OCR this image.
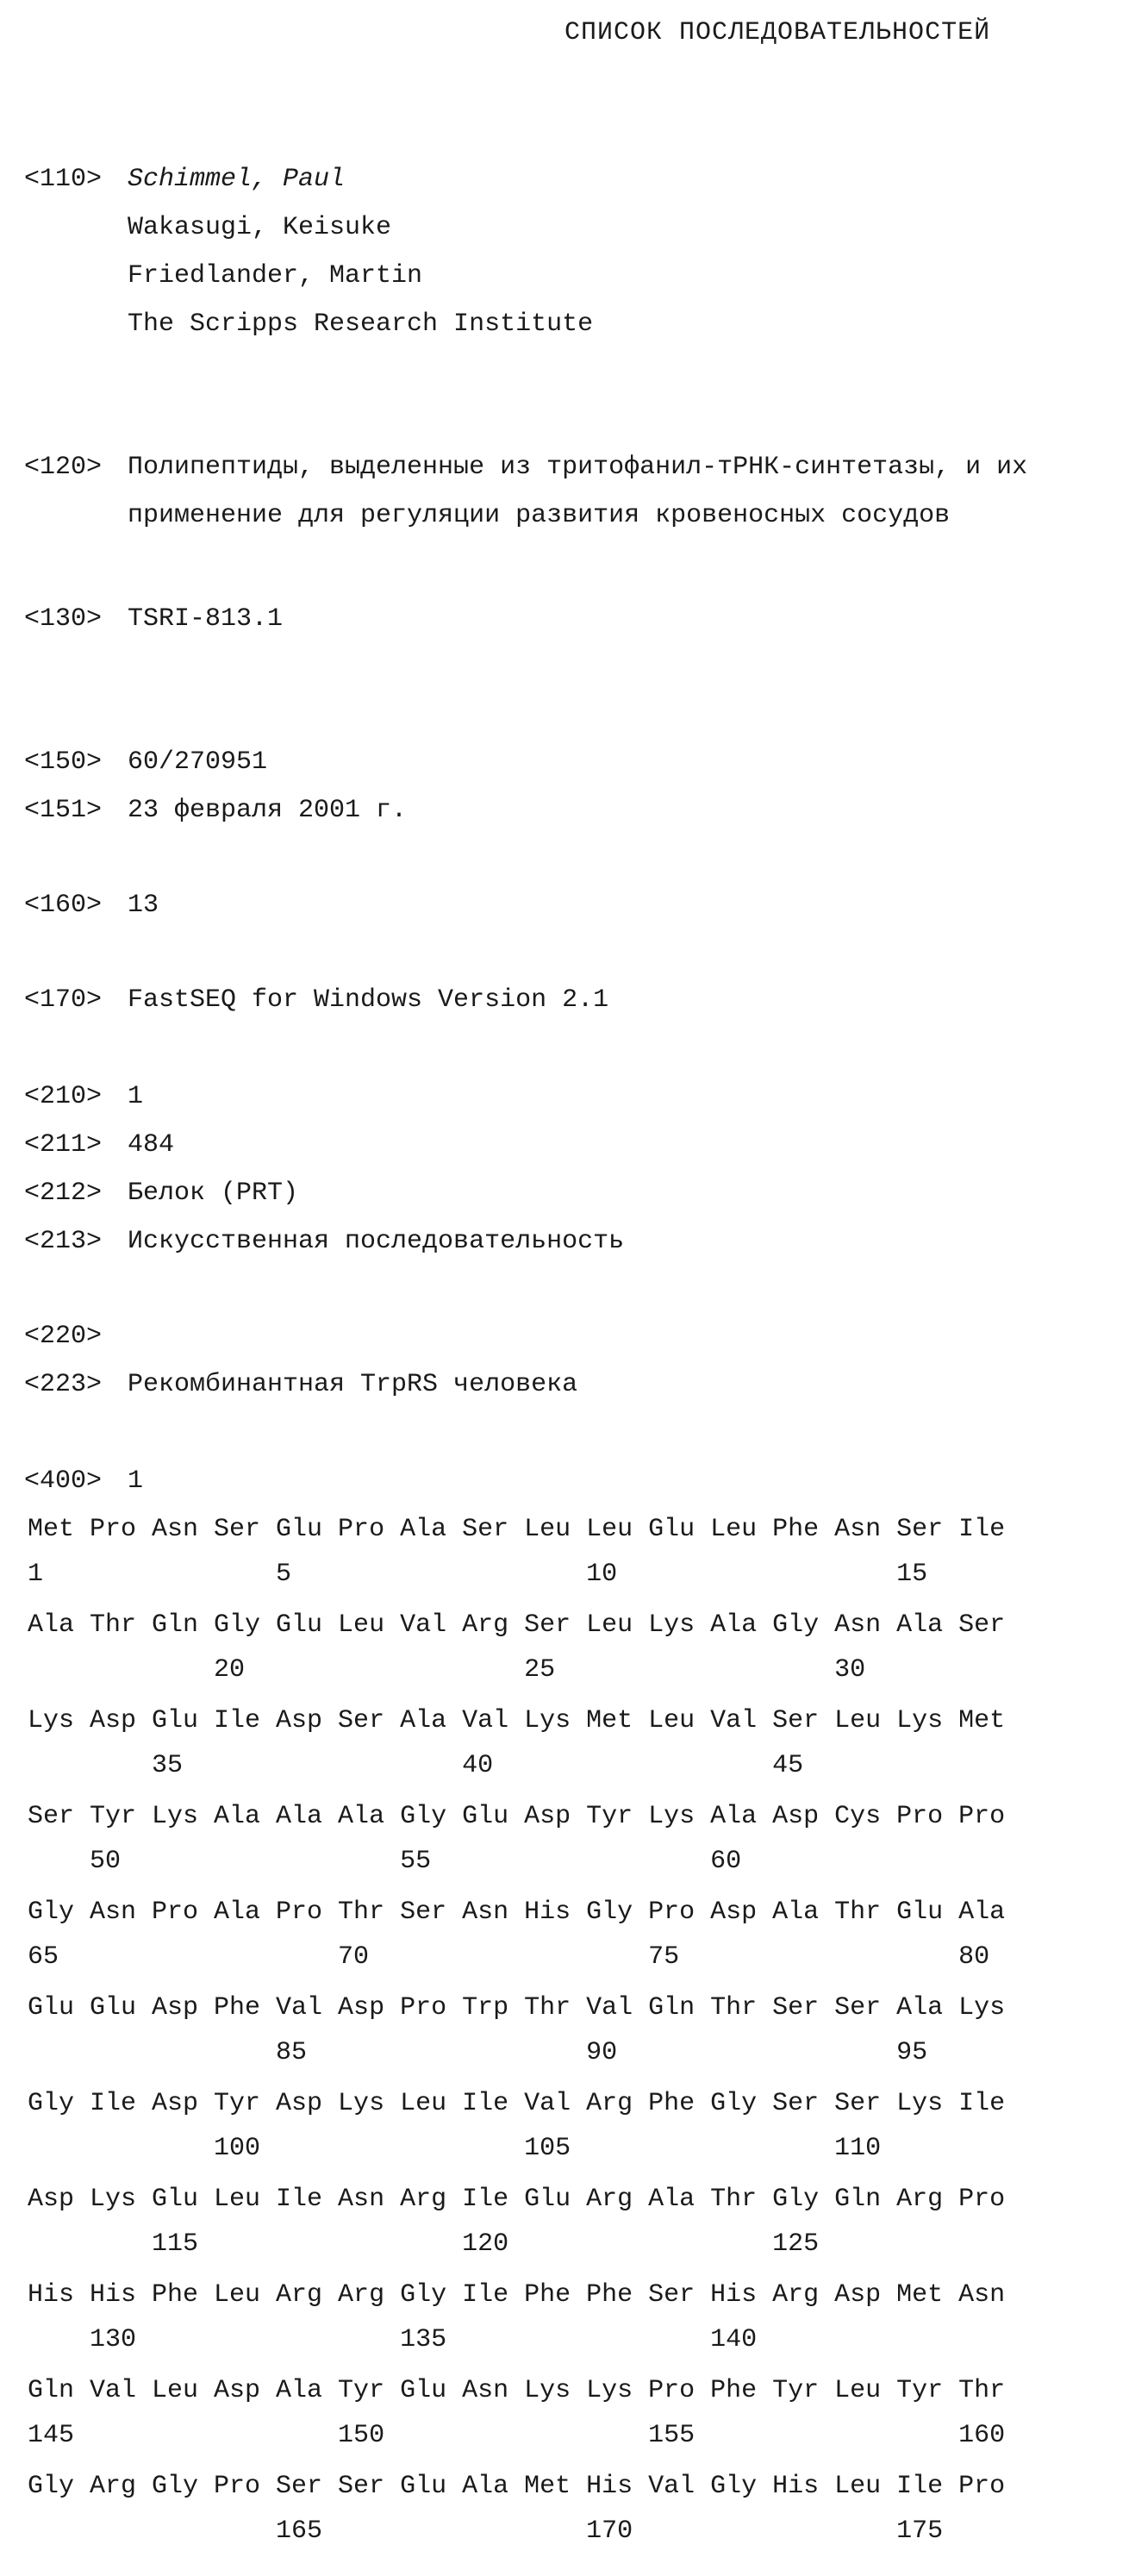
СПИСОК ПОСЛЕДОВАТЕЛЬНОСТЕЙ
<110> Schimmel, Paul
Wakasugi, Keisuke
Friedlander, Martin
The Scripps Research Institute
<120> Полипептиды, выделенные из тритофанил-тРНК-синтетазы, и их
применение для регуляции развития кровеносных сосудов
<130> TSRI-813.1
<150> 60/270951
<151> 23 февраля 2001 г.
<160> 13
<170> FastSEQ for Windows Version 2.1
<210> 1
<211> 484
<212> Белок (PRT)
<213> Искусственная последовательность
<220>
<223> Рекомбинантная TrpRS человека
<400> 1
Met Pro Asn Ser Glu Pro Ala Ser Leu Leu Glu Leu Phe Asn Ser Ile
1               5                   10                  15
Ala Thr Gln Gly Glu Leu Val Arg Ser Leu Lys Ala Gly Asn Ala Ser
20                  25                  30
Lys Asp Glu Ile Asp Ser Ala Val Lys Met Leu Val Ser Leu Lys Met
35                  40                  45
Ser Tyr Lys Ala Ala Ala Gly Glu Asp Tyr Lys Ala Asp Cys Pro Pro
50                  55                  60
Gly Asn Pro Ala Pro Thr Ser Asn His Gly Pro Asp Ala Thr Glu Ala
65                  70                  75                  80
Glu Glu Asp Phe Val Asp Pro Trp Thr Val Gln Thr Ser Ser Ala Lys
85                  90                  95
Gly Ile Asp Tyr Asp Lys Leu Ile Val Arg Phe Gly Ser Ser Lys Ile
100                 105                 110
Asp Lys Glu Leu Ile Asn Arg Ile Glu Arg Ala Thr Gly Gln Arg Pro
115                 120                 125
His His Phe Leu Arg Arg Gly Ile Phe Phe Ser His Arg Asp Met Asn
130                 135                 140
Gln Val Leu Asp Ala Tyr Glu Asn Lys Lys Pro Phe Tyr Leu Tyr Thr
145                 150                 155                 160
Gly Arg Gly Pro Ser Ser Glu Ala Met His Val Gly His Leu Ile Pro
165                 170                 175
